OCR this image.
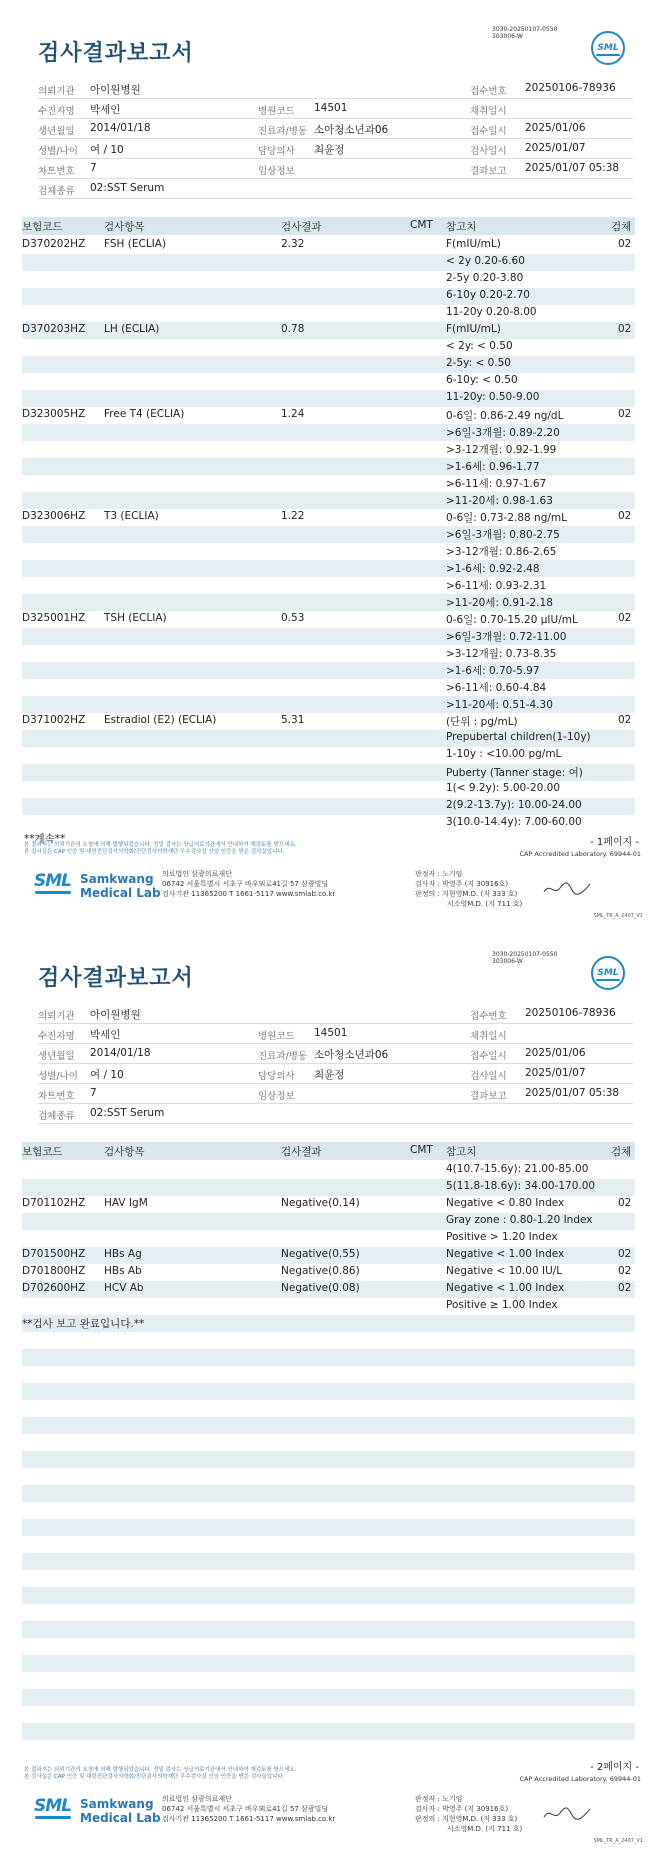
검사결과보고서
3030-20250107-0550
303006-W
SML
의뢰기관 아이원병원	접수번호 20250106-78936
수진자명 박세인	병원코드 14501	채취일시
생년월일 2014/01/18	진료과/병동 소아청소년과06	접수일시 2025/01/06
성별/나이 여 / 10	담당의사 최윤정	검사일시 2025/01/07
차트번호 7	임상정보	결과보고 2025/01/07 05:38
검체종류 02:SST Serum
보험코드	검사항목	검사결과	CMT 참고치	검체
D370202HZ FSH (ECLIA)	2.32	F(mIU/mL)	02
< 2y 0.20-6.60
2-5y 0.20-3.80
6-10y 0.20-2.70
11-20y 0.20-8.00
D370203HZ LH (ECLIA)	0.78	F(mIU/mL)	02
< 2y: < 0.50
2-5y: < 0.50
6-10y: < 0.50
11-20y: 0.50-9.00
D323005HZ Free T4 (ECLIA)	1.24	0-6일: 0.86-2.49 ng/dL	02
>6일-3개월: 0.89-2.20
>3-12개월: 0.92-1.99
>1-6세: 0.96-1.77
>6-11세: 0.97-1.67
>11-20세: 0.98-1.63
D323006HZ T3 (ECLIA)	1.22	0-6일: 0.73-2.88 ng/mL	02
>6일-3개월: 0.80-2.75
>3-12개월: 0.86-2.65
>1-6세: 0.92-2.48
>6-11세: 0.93-2.31
>11-20세: 0.91-2.18
D325001HZ TSH (ECLIA)	0.53	0-6일: 0.70-15.20 μIU/mL	02
>6일-3개월: 0.72-11.00
>3-12개월: 0.73-8.35
>1-6세: 0.70-5.97
>6-11세: 0.60-4.84
>11-20세: 0.51-4.30
D371002HZ Estradiol (E2) (ECLIA)	5.31	(단위 : pg/mL)	02
Prepubertal children(1-10y)
1-10y : <10.00 pg/mL
Puberty (Tanner stage: 여)
1(< 9.2y): 5.00-20.00
2(9.2-13.7y): 10.00-24.00
3(10.0-14.4y): 7.00-60.00
**계속**	- 1페이지 -
본 결과지는 의뢰기관의 요청에 의해 발행되었습니다. 정밀 검사는 상급의료기관에서 안내하여 재검토를 받으세요.
본 검사실은 CAP 인증 및 대한진단검사의학회/진단검사의학재단 우수검사실 신임 인증을 받은 검사실입니다.	CAP Accredited Laboratory. 69944-01
SML Samkwang
Medical Lab
의료법인 삼광의료재단
06742 서울특별시 서초구 바우뫼로41길 57 삼광빌딩
검사기관 11365200 T 1661-5117 www.smlab.co.kr
판정자 : 노기임
검사자 : 박영주 (지 30916호)
판정의 : 지현영M.D. (지 333 호)
서소영M.D. (지 711 호)
SML_TR_A_2407_V1
검사결과보고서
3030-20250107-0550
303006-W
SML
의뢰기관 아이원병원	접수번호 20250106-78936
수진자명 박세인	병원코드 14501	채취일시
생년월일 2014/01/18	진료과/병동 소아청소년과06	접수일시 2025/01/06
성별/나이 여 / 10	담당의사 최윤정	검사일시 2025/01/07
차트번호 7	임상정보	결과보고 2025/01/07 05:38
검체종류 02:SST Serum
보험코드	검사항목	검사결과	CMT 참고치	검체
4(10.7-15.6y): 21.00-85.00
5(11.8-18.6y): 34.00-170.00
D701102HZ HAV IgM	Negative(0.14)	Negative < 0.80 Index	02
Gray zone : 0.80-1.20 Index
Positive > 1.20 Index
D701500HZ HBs Ag	Negative(0.55)	Negative < 1.00 Index	02
D701800HZ HBs Ab	Negative(0.86)	Negative < 10.00 IU/L	02
D702600HZ HCV Ab	Negative(0.08)	Negative < 1.00 Index	02
Positive ≥ 1.00 Index
**검사 보고 완료입니다.**
- 2페이지 -
본 결과지는 의뢰기관의 요청에 의해 발행되었습니다. 정밀 검사는 상급의료기관에서 안내하여 재검토를 받으세요.
본 검사실은 CAP 인증 및 대한진단검사의학회/진단검사의학재단 우수검사실 신임 인증을 받은 검사실입니다.	CAP Accredited Laboratory. 69944-01
SML Samkwang
Medical Lab
의료법인 삼광의료재단
06742 서울특별시 서초구 바우뫼로41길 57 삼광빌딩
검사기관 11365200 T 1661-5117 www.smlab.co.kr
판정자 : 노기임
검사자 : 박영주 (지 30916호)
판정의 : 지현영M.D. (지 333 호)
서소영M.D. (지 711 호)
SML_TR_A_2407_V1
